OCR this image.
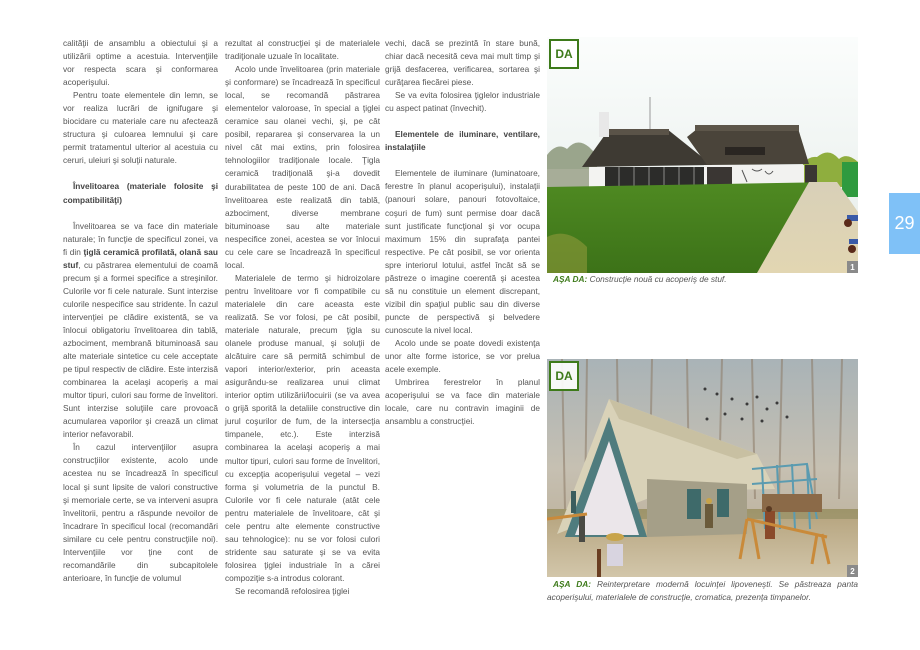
calităţii de ansamblu a obiectului şi a utilizării optime a acestuia. Intervenţiile vor respecta scara şi conformarea acoperişului.

Pentru toate elementele din lemn, se vor realiza lucrări de ignifugare şi biocidare cu materiale care nu afectează structura şi culoarea lemnului şi care permit tratamentul ulterior al acestuia cu ceruri, uleiuri şi soluţii naturale.

Învelitoarea (materiale folosite şi compatibilităţi)

Învelitoarea se va face din materiale naturale; în funcţie de specificul zonei, va fi din ţiglă ceramică profilată, olană sau stuf, cu păstrarea elementului de coamă precum şi a formei specifice a streşinilor. Culorile vor fi cele naturale. Sunt interzise culorile nespecifice sau stridente. În cazul intervenţiei pe clădire existentă, se va înlocui obligatoriu învelitoarea din tablă, azbociment, membrană bituminoasă sau alte materiale sintetice cu cele acceptate pe tipul respectiv de clădire. Este interzisă combinarea la acelaşi acoperiş a mai multor tipuri, culori sau forme de învelitori. Sunt interzise soluţiile care provoacă acumularea vaporilor şi crează un climat interior nefavorabil.

În cazul intervenţiilor asupra construcţiilor existente, acolo unde acestea nu se încadrează în specificul local şi sunt lipsite de valori constructive şi memoriale certe, se va interveni asupra învelitorii, pentru a răspunde nevoilor de încadrare în specificul local (recomandări similare cu cele pentru construcţiile noi). Intervenţiile vor ţine cont de recomandările din subcapitolele anterioare, în funcţie de volumul

rezultat al construcţiei şi de materialele tradiţionale uzuale în localitate.

Acolo unde învelitoarea (prin materiale şi conformare) se încadrează în specificul local, se recomandă păstrarea elementelor valoroase, în special a ţiglei ceramice sau olanei vechi, şi, pe cât posibil, repararea şi conservarea la un nivel cât mai extins, prin folosirea tehnologiilor tradiţionale locale. Ţigla ceramică tradiţională şi-a dovedit durabilitatea de peste 100 de ani. Dacă învelitoarea este realizată din tablă, azbociment, diverse membrane bituminoase sau alte materiale nespecifice zonei, acestea se vor înlocui cu cele care se încadrează în specificul local.

Materialele de termo şi hidroizolare pentru învelitoare vor fi compatibile cu materialele din care aceasta este realizată. Se vor folosi, pe cât posibil, materiale naturale, precum ţigla su olanele produse manual, şi soluţii de alcătuire care să permită schimbul de vapori interior/exterior, prin aceasta asigurându-se realizarea unui climat interior optim utilizării/locuirii (se va avea o grijă sporită la detaliile constructive din jurul coşurilor de fum, de la intersecţia timpanele, etc.). Este interzisă combinarea la acelaşi acoperiş a mai multor tipuri, culori sau forme de învelitori, cu excepţia acoperişului vegetal – vezi forma şi volumetria de la punctul B. Culorile vor fi cele naturale (atât cele pentru materialele de învelitoare, cât şi cele pentru alte elemente constructive sau tehnologice): nu se vor folosi culori stridente sau saturate şi se va evita folosirea ţiglei industriale în a cărei compoziţie s-a introdus colorant.

Se recomandă refolosirea ţiglei

vechi, dacă se prezintă în stare bună, chiar dacă necesită ceva mai mult timp şi grijă desfacerea, verificarea, sortarea şi curăţarea fiecărei piese.

Se va evita folosirea ţiglelor industriale cu aspect patinat (învechit).

Elementele de iluminare, ventilare, instalaţiile

Elementele de iluminare (luminatoare, ferestre în planul acoperişului), instalaţii (panouri solare, panouri fotovoltaice, coşuri de fum) sunt permise doar dacă sunt justificate funcţional şi vor ocupa maximum 15% din suprafaţa pantei respective. Pe cât posibil, se vor orienta spre interiorul lotului, astfel încât să se păstreze o imagine coerentă şi acestea să nu constituie un element discrepant, vizibil din spaţiul public sau din diverse puncte de perspectivă şi belvedere cunoscute la nivel local.

Acolo unde se poate dovedi existenţa unor alte forme istorice, se vor prelua acele exemple.

Umbrirea ferestrelor în planul acoperişului se va face din materiale locale, care nu contravin imaginii de ansamblu a construcţiei.

DA
1
AŞA DA: Construcţie nouă cu acoperiş de stuf.
DA
2
AŞA DA: Reinterpretare modernă locuinţei lipoveneşti. Se păstreaza panta acoperişului, materialele de construcţie, cromatica, prezenţa timpanelor.
29
